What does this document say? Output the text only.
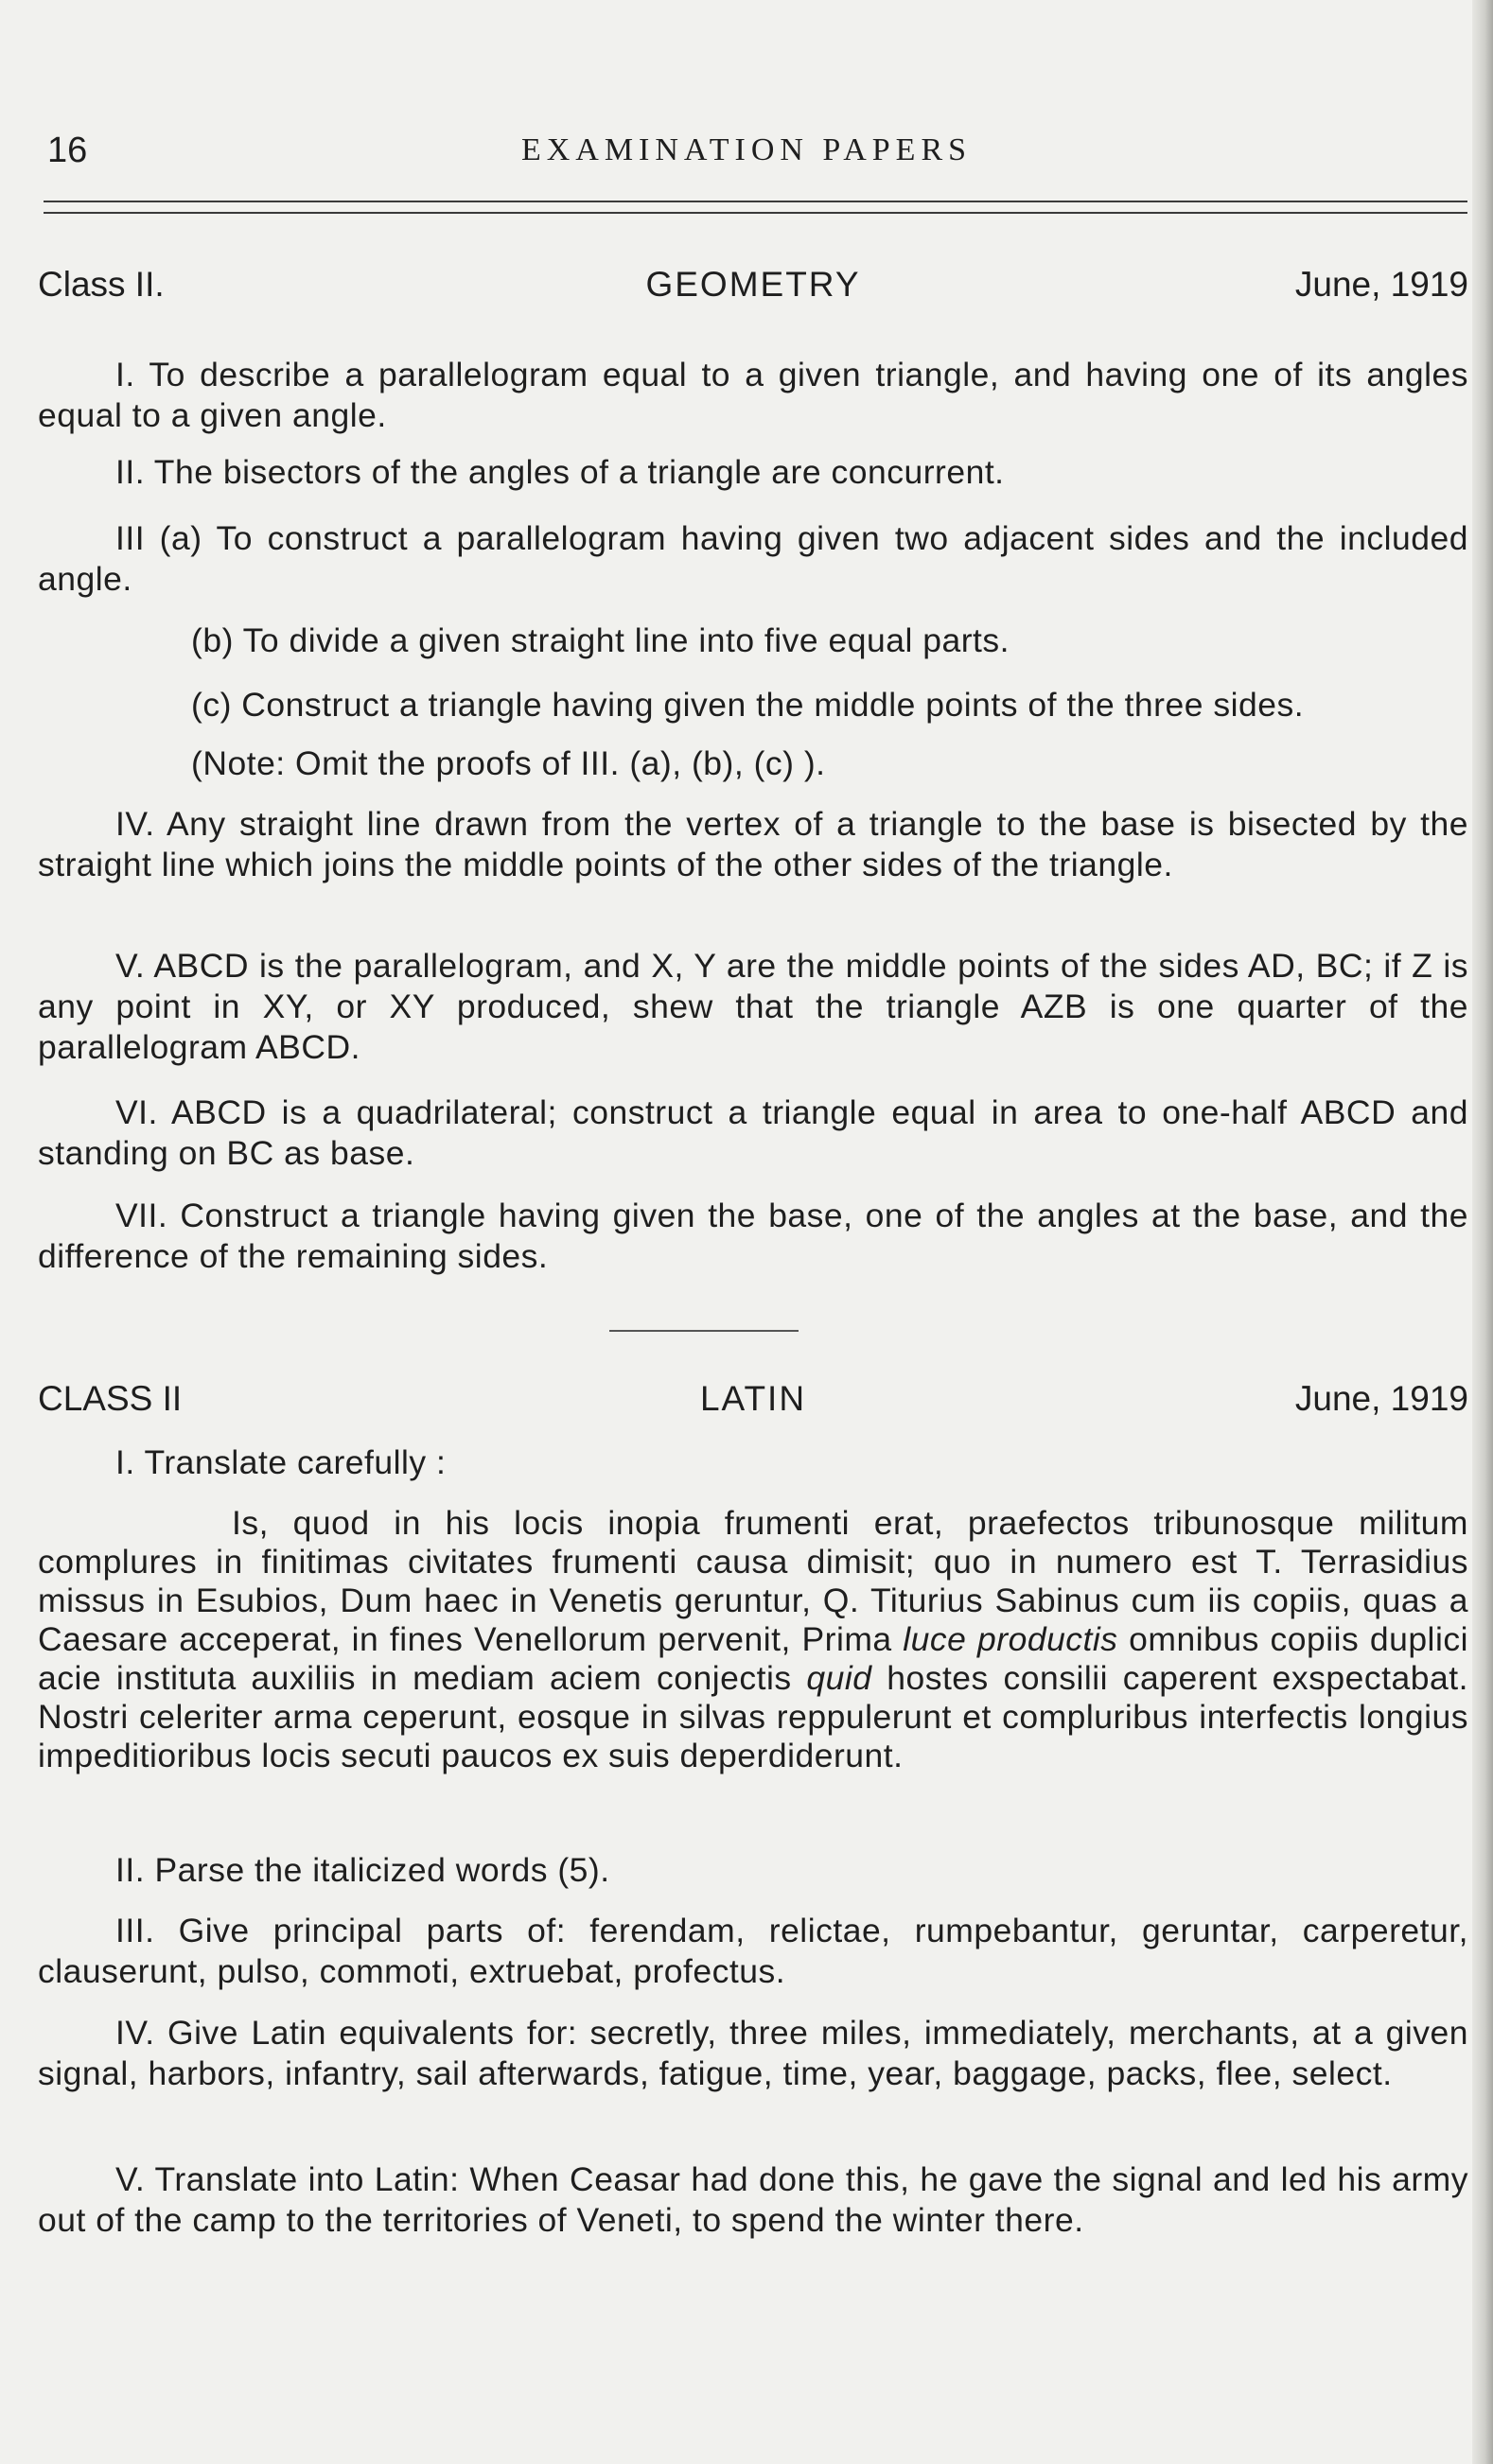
16	EXAMINATION PAPERS
GEOMETRY
Class II.	June, 1919

I. To describe a parallelogram equal to a given triangle, and having one of its angles equal to a given angle.

II. The bisectors of the angles of a triangle are concurrent.

III (a) To construct a parallelogram having given two adjacent sides and the included angle.

(b) To divide a given straight line into five equal parts.

(c) Construct a triangle having given the middle points of the three sides.

(Note: Omit the proofs of III. (a), (b), (c) ).

IV. Any straight line drawn from the vertex of a triangle to the base is bisected by the straight line which joins the middle points of the other sides of the triangle.

V. ABCD is the parallelogram, and X, Y are the middle points of the sides AD, BC; if Z is any point in XY, or XY produced, shew that the triangle AZB is one quarter of the parallelogram ABCD.

VI. ABCD is a quadrilateral; construct a triangle equal in area to one-half ABCD and standing on BC as base.

VII. Construct a triangle having given the base, one of the angles at the base, and the difference of the remaining sides.

LATIN
CLASS II	June, 1919

I. Translate carefully :

Is, quod in his locis inopia frumenti erat, praefectos tribunosque militum complures in finitimas civitates frumenti causa dimisit; quo in numero est T. Terrasidius missus in Esubios, Dum haec in Venetis geruntur, Q. Titurius Sabinus cum iis copiis, quas a Caesare acceperat, in fines Venellorum pervenit, Prima luce productis omnibus copiis duplici acie instituta auxiliis in mediam aciem conjectis quid hostes consilii caperent exspectabat. Nostri celeriter arma ceperunt, eosque in silvas reppulerunt et compluribus interfectis longius impeditioribus locis secuti paucos ex suis deperdiderunt.

II. Parse the italicized words (5).

III. Give principal parts of: ferendam, relictae, rumpebantur, geruntar, carperetur, clauserunt, pulso, commoti, extruebat, profectus.

IV. Give Latin equivalents for: secretly, three miles, immediately, merchants, at a given signal, harbors, infantry, sail afterwards, fatigue, time, year, baggage, packs, flee, select.

V. Translate into Latin: When Ceasar had done this, he gave the signal and led his army out of the camp to the territories of Veneti, to spend the winter there.
